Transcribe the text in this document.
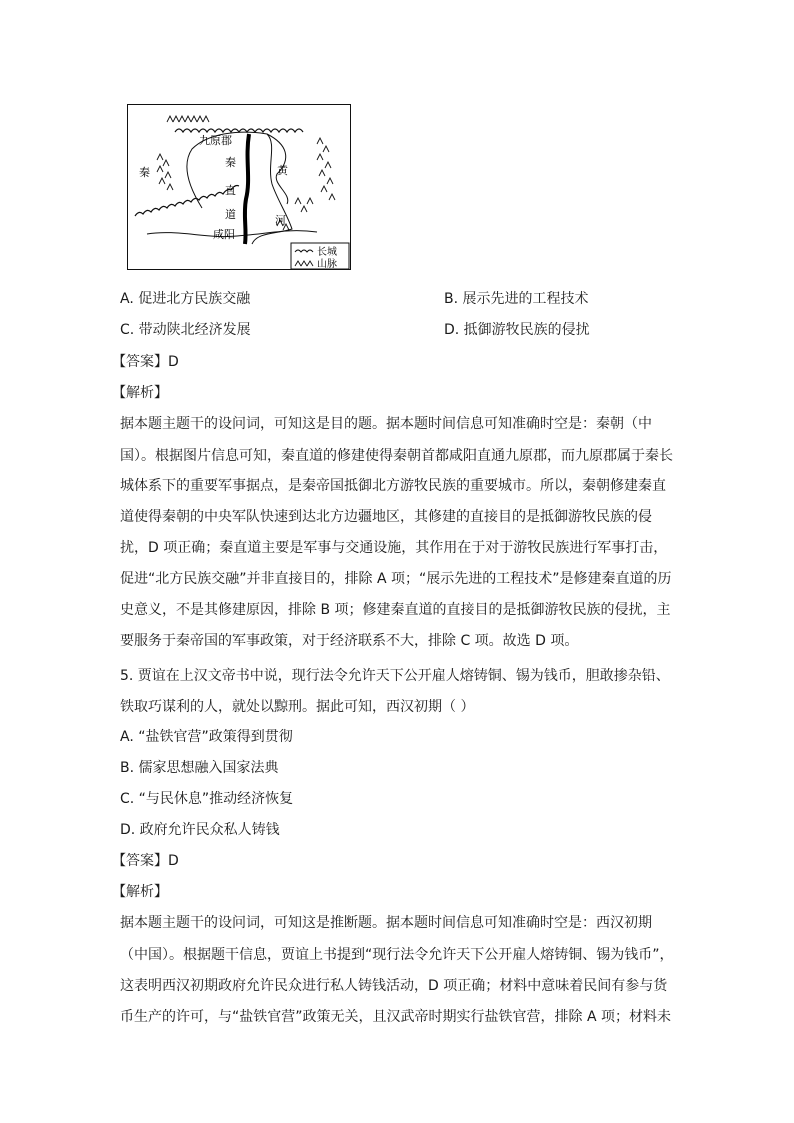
九原郡
秦
直
道
咸阳
黄
河
秦
长城
山脉
A. 促进北方民族交融	B. 展示先进的工程技术
C. 带动陕北经济发展	D. 抵御游牧民族的侵扰
【答案】D
【解析】
据本题主题干的设问词，可知这是目的题。据本题时间信息可知准确时空是：秦朝（中
国）。根据图片信息可知，秦直道的修建使得秦朝首都咸阳直通九原郡，而九原郡属于秦长
城体系下的重要军事据点，是秦帝国抵御北方游牧民族的重要城市。所以，秦朝修建秦直
道使得秦朝的中央军队快速到达北方边疆地区，其修建的直接目的是抵御游牧民族的侵
扰，D 项正确；秦直道主要是军事与交通设施，其作用在于对于游牧民族进行军事打击，
促进“北方民族交融”并非直接目的，排除 A 项；“展示先进的工程技术”是修建秦直道的历
史意义，不是其修建原因，排除 B 项；修建秦直道的直接目的是抵御游牧民族的侵扰，主
要服务于秦帝国的军事政策，对于经济联系不大，排除 C 项。故选 D 项。
5. 贾谊在上汉文帝书中说，现行法令允许天下公开雇人熔铸铜、锡为钱币，胆敢掺杂铅、
铁取巧谋利的人，就处以黥刑。据此可知，西汉初期（ ）
A. “盐铁官营”政策得到贯彻
B. 儒家思想融入国家法典
C. “与民休息”推动经济恢复
D. 政府允许民众私人铸钱
【答案】D
【解析】
据本题主题干的设问词，可知这是推断题。据本题时间信息可知准确时空是：西汉初期
（中国）。根据题干信息，贾谊上书提到“现行法令允许天下公开雇人熔铸铜、锡为钱币”，
这表明西汉初期政府允许民众进行私人铸钱活动，D 项正确；材料中意味着民间有参与货
币生产的许可，与“盐铁官营”政策无关，且汉武帝时期实行盐铁官营，排除 A 项；材料未
